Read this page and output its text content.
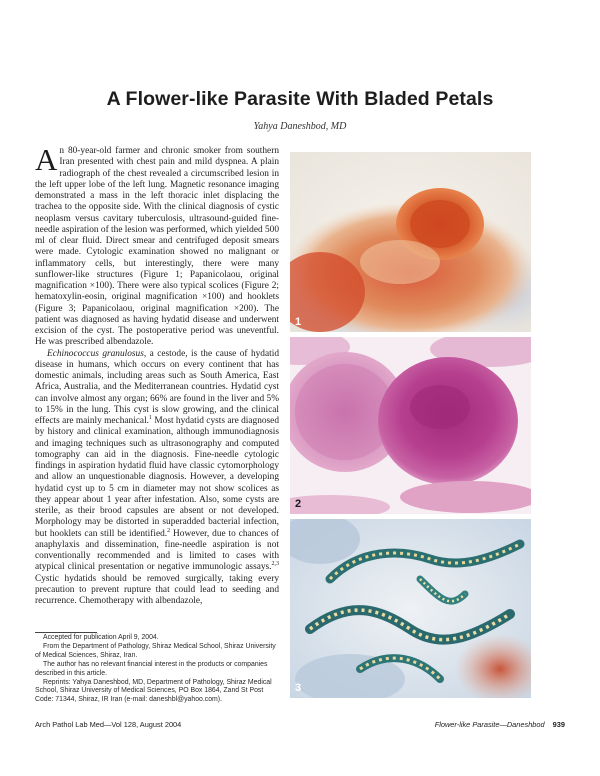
A Flower-like Parasite With Bladed Petals
Yahya Daneshbod, MD

An 80-year-old farmer and chronic smoker from southern Iran presented with chest pain and mild dyspnea. A plain radiograph of the chest revealed a circumscribed lesion in the left upper lobe of the left lung. Magnetic resonance imaging demonstrated a mass in the left thoracic inlet displacing the trachea to the opposite side. With the clinical diagnosis of cystic neoplasm versus cavitary tuberculosis, ultrasound-guided fine-needle aspiration of the lesion was performed, which yielded 500 ml of clear fluid. Direct smear and centrifuged deposit smears were made. Cytologic examination showed no malignant or inflammatory cells, but interestingly, there were many sunflower-like structures (Figure 1; Papanicolaou, original magnification ×100). There were also typical scolices (Figure 2; hematoxylin-eosin, original magnification ×100) and hooklets (Figure 3; Papanicolaou, original magnification ×200). The patient was diagnosed as having hydatid disease and underwent excision of the cyst. The postoperative period was uneventful. He was prescribed albendazole.

Echinococcus granulosus, a cestode, is the cause of hydatid disease in humans, which occurs on every continent that has domestic animals, including areas such as South America, East Africa, Australia, and the Mediterranean countries. Hydatid cyst can involve almost any organ; 66% are found in the liver and 5% to 15% in the lung. This cyst is slow growing, and the clinical effects are mainly mechanical.$^1$ Most hydatid cysts are diagnosed by history and clinical examination, although immunodiagnosis and imaging techniques such as ultrasonography and computed tomography can aid in the diagnosis. Fine-needle cytologic findings in aspiration hydatid fluid have classic cytomorphology and allow an unquestionable diagnosis. However, a developing hydatid cyst up to 5 cm in diameter may not show scolices as they appear about 1 year after infestation. Also, some cysts are sterile, as their brood capsules are absent or not developed. Morphology may be distorted in superadded bacterial infection, but hooklets can still be identified.$^2$ However, due to chances of anaphylaxis and dissemination, fine-needle aspiration is not conventionally recommended and is limited to cases with atypical clinical presentation or negative immunologic assays.$^{2,3}$ Cystic hydatids should be removed surgically, taking every precaution to prevent rupture that could lead to seeding and recurrence. Chemotherapy with albendazole,

Accepted for publication April 9, 2004.

From the Department of Pathology, Shiraz Medical School, Shiraz University of Medical Sciences, Shiraz, Iran.

The author has no relevant financial interest in the products or companies described in this article.

Reprints: Yahya Daneshbod, MD, Department of Pathology, Shiraz Medical School, Shiraz University of Medical Sciences, PO Box 1864, Zand St Post Code: 71344, Shiraz, IR Iran (e-mail: daneshbl@yahoo.com).

Arch Pathol Lab Med—Vol 128, August 2004	Flower-like Parasite—Daneshbod 939
1
2
3
